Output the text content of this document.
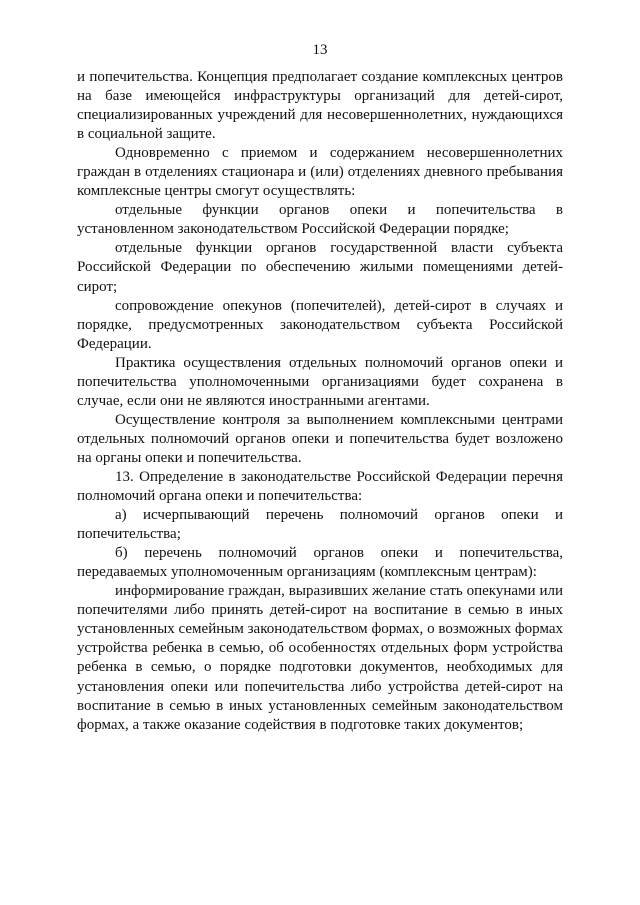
13

и попечительства. Концепция предполагает создание комплексных центров на базе имеющейся инфраструктуры организаций для детей-сирот, специализированных учреждений для несовершеннолетних, нуждающихся в социальной защите.

Одновременно с приемом и содержанием несовершеннолетних граждан в отделениях стационара и (или) отделениях дневного пребывания комплексные центры смогут осуществлять:

отдельные функции органов опеки и попечительства в установленном законодательством Российской Федерации порядке;

отдельные функции органов государственной власти субъекта Российской Федерации по обеспечению жилыми помещениями детей-сирот;

сопровождение опекунов (попечителей), детей-сирот в случаях и порядке, предусмотренных законодательством субъекта Российской Федерации.

Практика осуществления отдельных полномочий органов опеки и попечительства уполномоченными организациями будет сохранена в случае, если они не являются иностранными агентами.

Осуществление контроля за выполнением комплексными центрами отдельных полномочий органов опеки и попечительства будет возложено на органы опеки и попечительства.

13. Определение в законодательстве Российской Федерации перечня полномочий органа опеки и попечительства:

а) исчерпывающий перечень полномочий органов опеки и попечительства;

б) перечень полномочий органов опеки и попечительства, передаваемых уполномоченным организациям (комплексным центрам):

информирование граждан, выразивших желание стать опекунами или попечителями либо принять детей-сирот на воспитание в семью в иных установленных семейным законодательством формах, о возможных формах устройства ребенка в семью, об особенностях отдельных форм устройства ребенка в семью, о порядке подготовки документов, необходимых для установления опеки или попечительства либо устройства детей-сирот на воспитание в семью в иных установленных семейным законодательством формах, а также оказание содействия в подготовке таких документов;
